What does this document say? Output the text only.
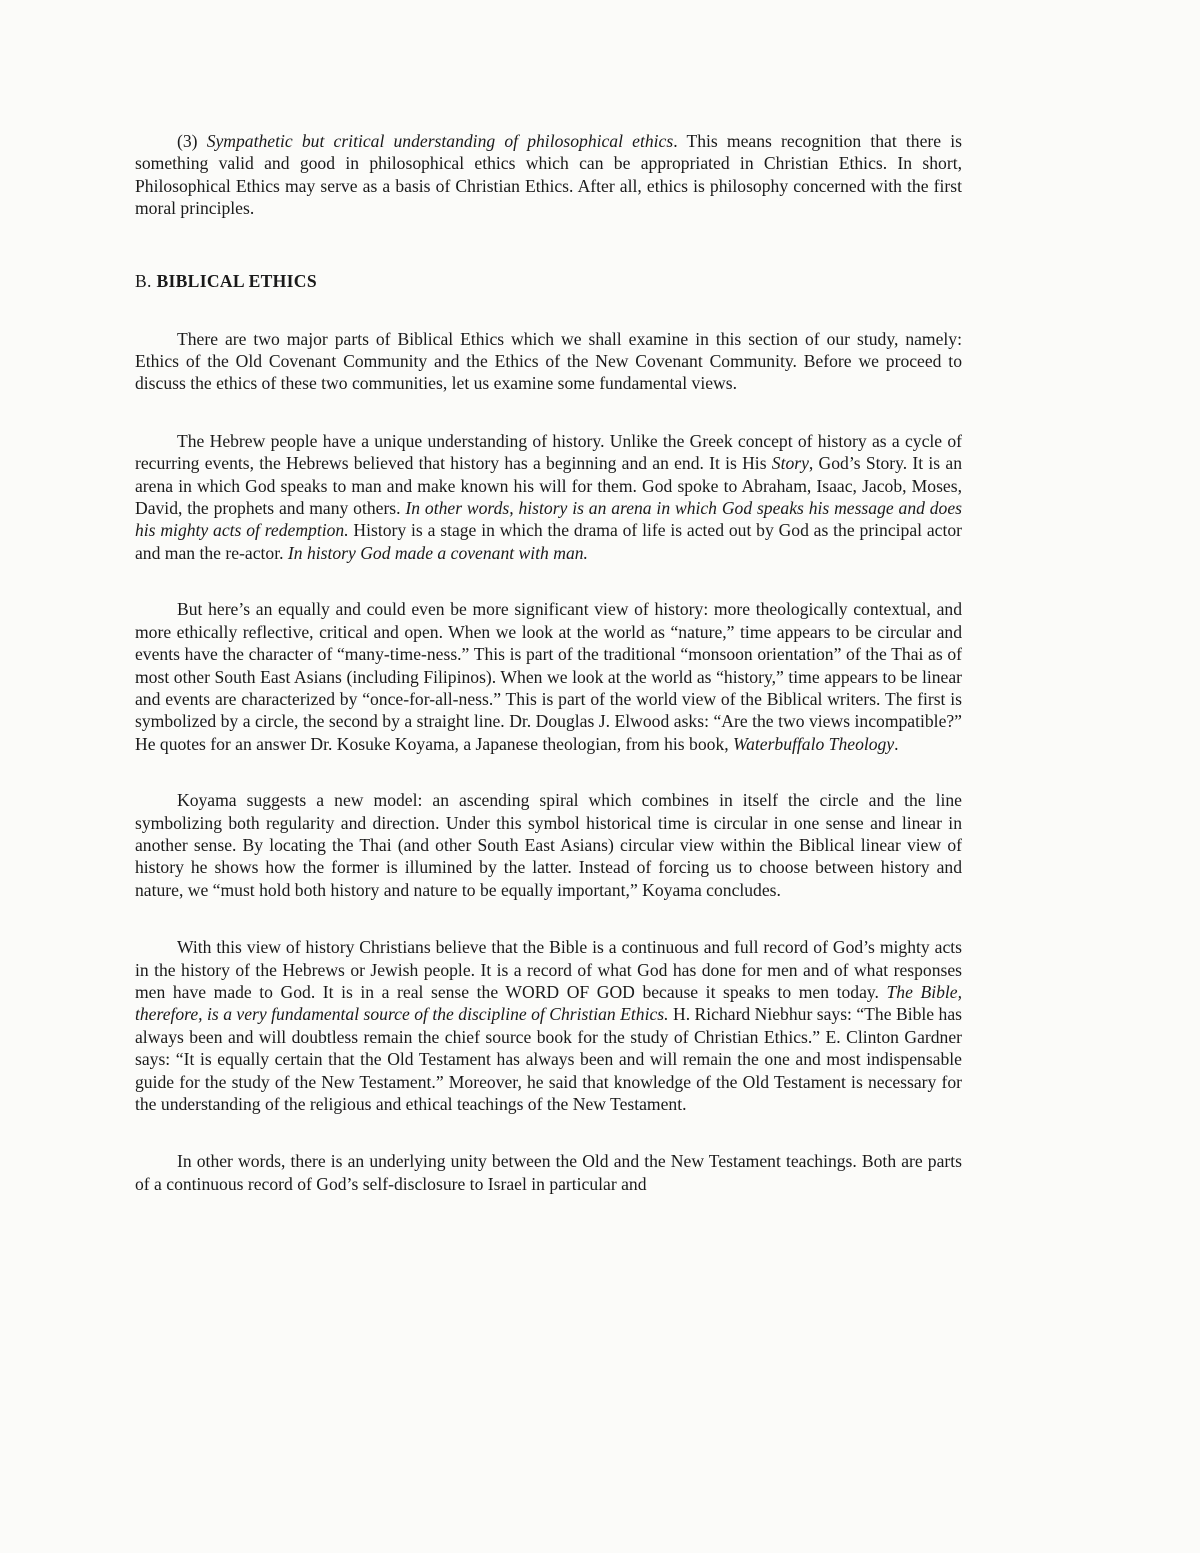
(3) Sympathetic but critical understanding of philosophical ethics. This means recognition that there is something valid and good in philosophical ethics which can be appropriated in Christian Ethics. In short, Philosophical Ethics may serve as a basis of Christian Ethics. After all, ethics is philosophy concerned with the first moral principles.

B. BIBLICAL ETHICS

There are two major parts of Biblical Ethics which we shall examine in this section of our study, namely: Ethics of the Old Covenant Community and the Ethics of the New Covenant Community. Before we proceed to discuss the ethics of these two communities, let us examine some fundamental views.

The Hebrew people have a unique understanding of history. Unlike the Greek concept of history as a cycle of recurring events, the Hebrews believed that history has a beginning and an end. It is His Story, God’s Story. It is an arena in which God speaks to man and make known his will for them. God spoke to Abraham, Isaac, Jacob, Moses, David, the prophets and many others. In other words, history is an arena in which God speaks his message and does his mighty acts of redemption. History is a stage in which the drama of life is acted out by God as the principal actor and man the re-actor. In history God made a covenant with man.

But here’s an equally and could even be more significant view of history: more theologically contextual, and more ethically reflective, critical and open. When we look at the world as “nature,” time appears to be circular and events have the character of “many-time-ness.” This is part of the traditional “monsoon orientation” of the Thai as of most other South East Asians (including Filipinos). When we look at the world as “history,” time appears to be linear and events are characterized by “once-for-all-ness.” This is part of the world view of the Biblical writers. The first is symbolized by a circle, the second by a straight line. Dr. Douglas J. Elwood asks: “Are the two views incompatible?” He quotes for an answer Dr. Kosuke Koyama, a Japanese theologian, from his book, Waterbuffalo Theology.

Koyama suggests a new model: an ascending spiral which combines in itself the circle and the line symbolizing both regularity and direction. Under this symbol historical time is circular in one sense and linear in another sense. By locating the Thai (and other South East Asians) circular view within the Biblical linear view of history he shows how the former is illumined by the latter. Instead of forcing us to choose between history and nature, we “must hold both history and nature to be equally important,” Koyama concludes.

With this view of history Christians believe that the Bible is a continuous and full record of God’s mighty acts in the history of the Hebrews or Jewish people. It is a record of what God has done for men and of what responses men have made to God. It is in a real sense the WORD OF GOD because it speaks to men today. The Bible, therefore, is a very fundamental source of the discipline of Christian Ethics. H. Richard Niebhur says: “The Bible has always been and will doubtless remain the chief source book for the study of Christian Ethics.” E. Clinton Gardner says: “It is equally certain that the Old Testament has always been and will remain the one and most indispensable guide for the study of the New Testament.” Moreover, he said that knowledge of the Old Testament is necessary for the understanding of the religious and ethical teachings of the New Testament.

In other words, there is an underlying unity between the Old and the New Testament teachings. Both are parts of a continuous record of God’s self-disclosure to Israel in particular and
